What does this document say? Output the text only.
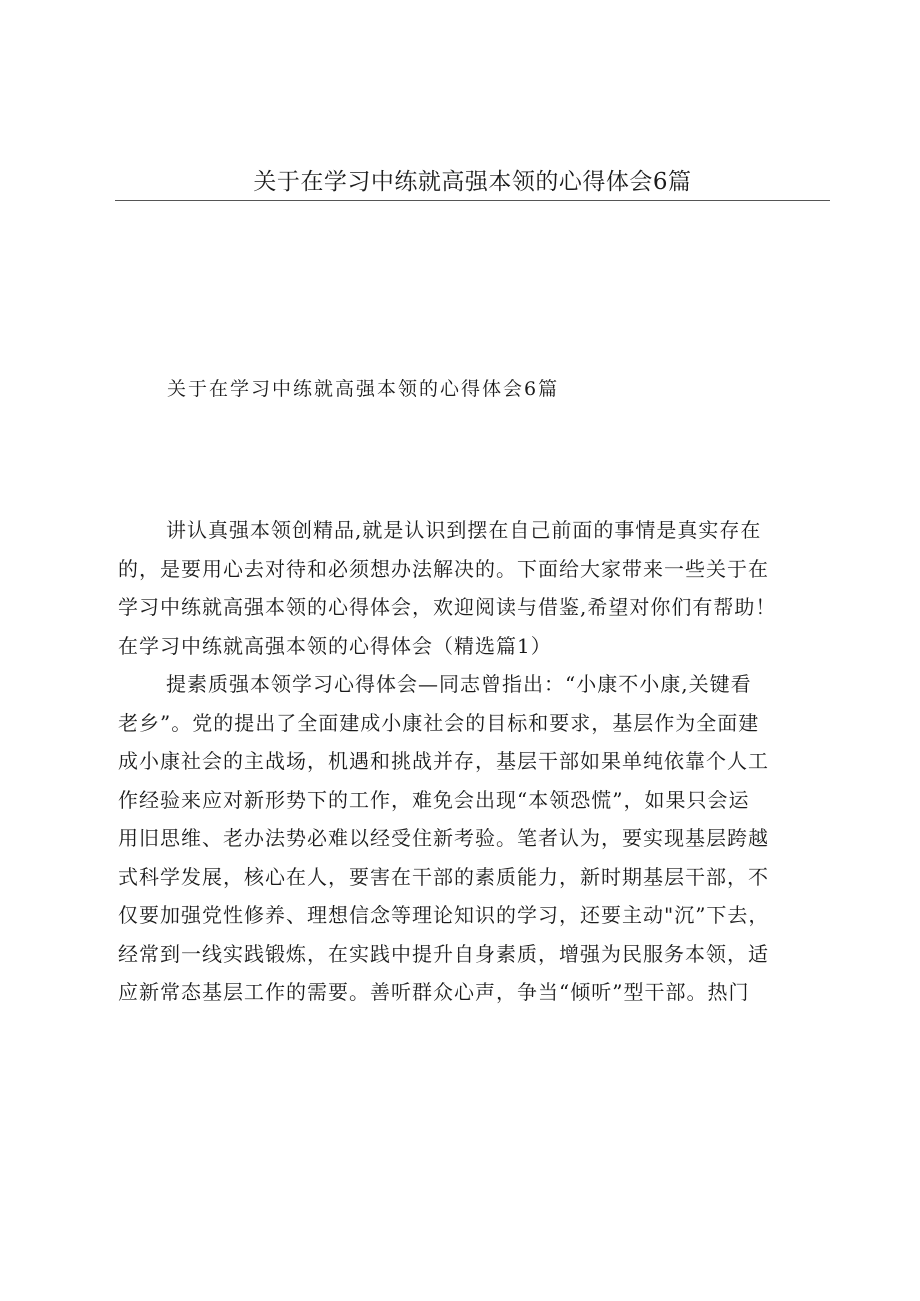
关于在学习中练就高强本领的心得体会6篇
关于在学习中练就高强本领的心得体会6篇
讲认真强本领创精品,就是认识到摆在自己前面的事情是真实存在
的，是要用心去对待和必须想办法解决的。下面给大家带来一些关于在
学习中练就高强本领的心得体会，欢迎阅读与借鉴,希望对你们有帮助！
在学习中练就高强本领的心得体会（精选篇1）
提素质强本领学习心得体会—同志曾指出：“小康不小康,关键看
老乡”。党的提出了全面建成小康社会的目标和要求，基层作为全面建
成小康社会的主战场，机遇和挑战并存，基层干部如果单纯依靠个人工
作经验来应对新形势下的工作，难免会出现“本领恐慌”，如果只会运
用旧思维、老办法势必难以经受住新考验。笔者认为，要实现基层跨越
式科学发展，核心在人，要害在干部的素质能力，新时期基层干部，不
仅要加强党性修养、理想信念等理论知识的学习，还要主动"沉”下去，
经常到一线实践锻炼，在实践中提升自身素质，增强为民服务本领，适
应新常态基层工作的需要。善听群众心声，争当“倾听”型干部。热门
